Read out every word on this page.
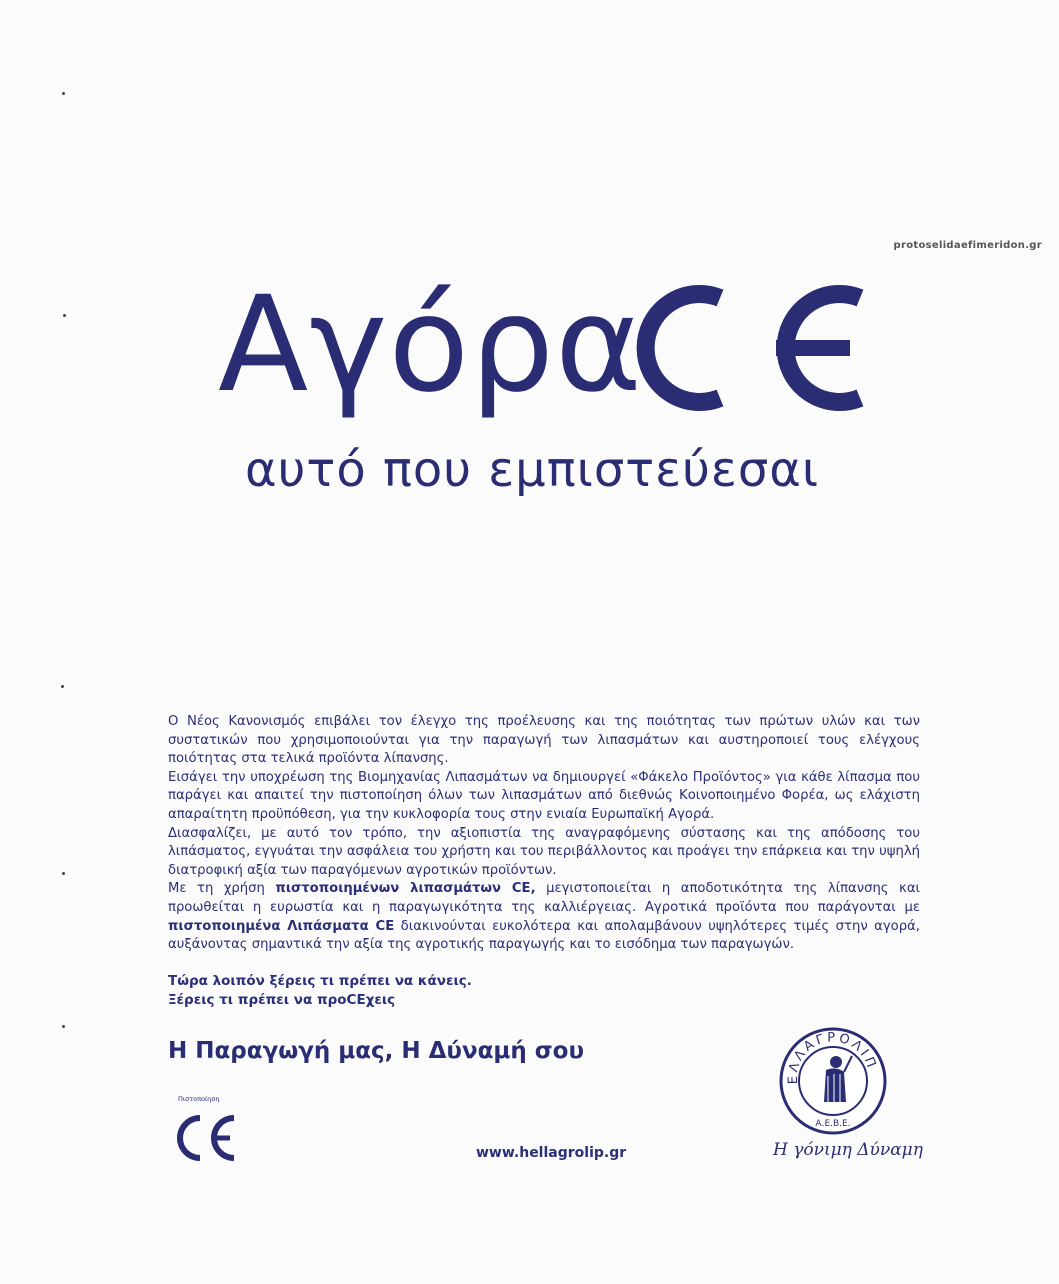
protoselidaefimeridon.gr
Αγόρα
αυτό που εμπιστεύεσαι

Ο Νέος Κανονισμός επιβάλει τον έλεγχο της προέλευσης και της ποιότητας των πρώτων υλών και των συστατικών που χρησιμοποιούνται για την παραγωγή των λιπασμάτων και αυστηροποιεί τους ελέγχους ποιότητας στα τελικά προϊόντα λίπανσης.

Εισάγει την υποχρέωση της Βιομηχανίας Λιπασμάτων να δημιουργεί «Φάκελο Προϊόντος» για κάθε λίπασμα που παράγει και απαιτεί την πιστοποίηση όλων των λιπασμάτων από διεθνώς Κοινοποιημένο Φορέα, ως ελάχιστη απαραίτητη προϋπόθεση, για την κυκλοφορία τους στην ενιαία Ευρωπαϊκή Αγορά.

Διασφαλίζει, με αυτό τον τρόπο, την αξιοπιστία της αναγραφόμενης σύστασης και της απόδοσης του λιπάσματος, εγγυάται την ασφάλεια του χρήστη και του περιβάλλοντος και προάγει την επάρκεια και την υψηλή διατροφική αξία των παραγόμενων αγροτικών προϊόντων.

Με τη χρήση πιστοποιημένων λιπασμάτων CE, μεγιστοποιείται η αποδοτικότητα της λίπανσης και προωθείται η ευρωστία και η παραγωγικότητα της καλλιέργειας. Αγροτικά προϊόντα που παράγονται με πιστοποιημένα Λιπάσματα CE διακινούνται ευκολότερα και απολαμβάνουν υψηλότερες τιμές στην αγορά, αυξάνοντας σημαντικά την αξία της αγροτικής παραγωγής και το εισόδημα των παραγωγών.

Τώρα λοιπόν ξέρεις τι πρέπει να κάνεις.

Ξέρεις τι πρέπει να προCEχεις

Η Παραγωγή μας, Η Δύναμή σου
Πιστοποίηση
www.hellagrolip.gr
ΕΛΛΑΓΡΟΛΙΠ
Α.Ε.Β.Ε.
Η γόνιμη Δύναμη
